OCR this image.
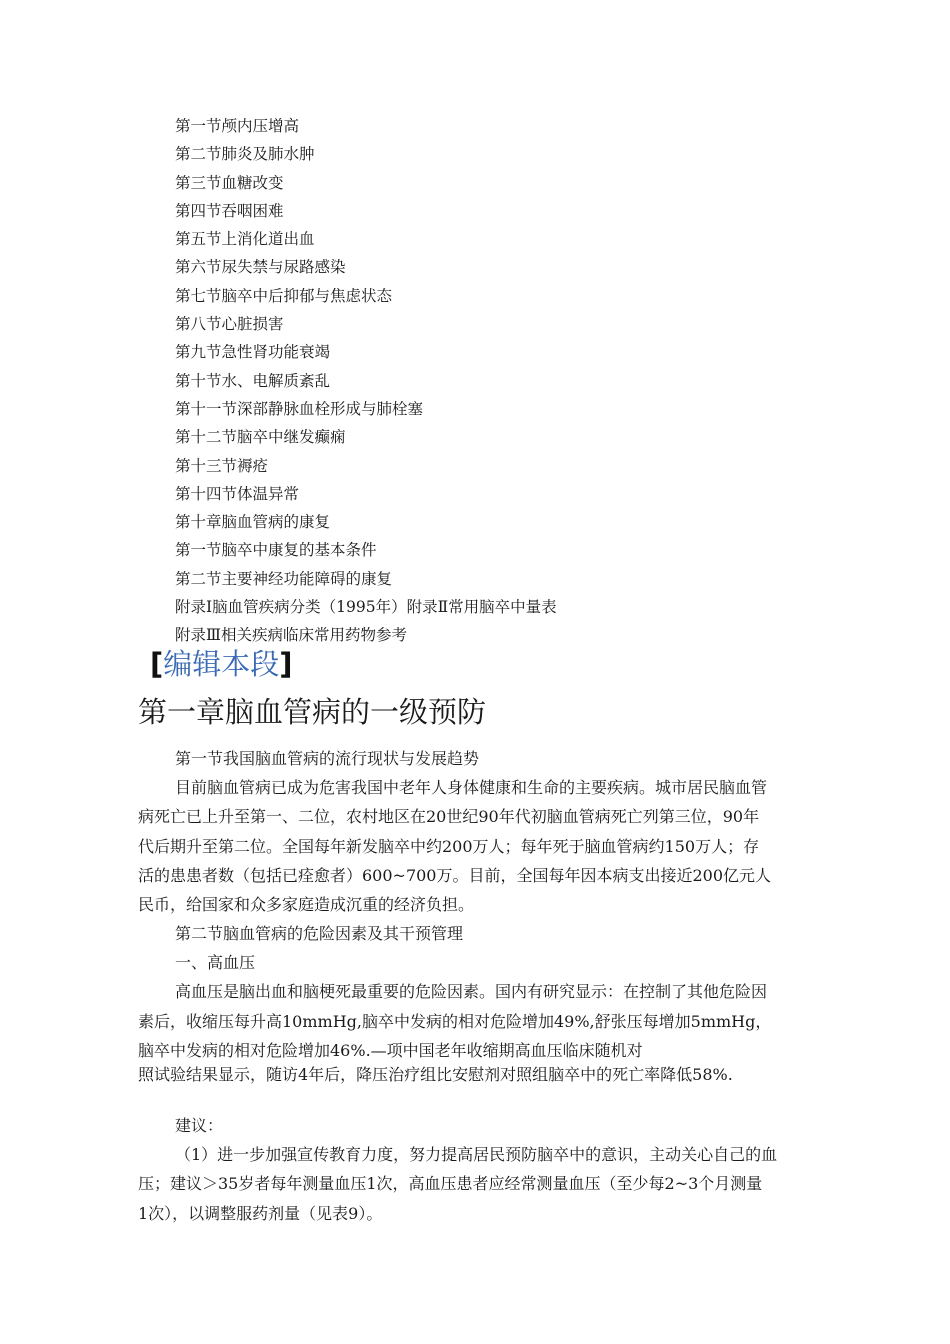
第一节颅内压增高
第二节肺炎及肺水肿
第三节血糖改变
第四节吞咽困难
第五节上消化道出血
第六节尿失禁与尿路感染
第七节脑卒中后抑郁与焦虑状态
第八节心脏损害
第九节急性肾功能衰竭
第十节水、电解质紊乱
第十一节深部静脉血栓形成与肺栓塞
第十二节脑卒中继发癫痫
第十三节褥疮
第十四节体温异常
第十章脑血管病的康复
第一节脑卒中康复的基本条件
第二节主要神经功能障碍的康复
附录Ⅰ脑血管疾病分类（1995年）附录Ⅱ常用脑卒中量表
附录Ⅲ相关疾病临床常用药物参考
[编辑本段]
第一章脑血管病的一级预防
第一节我国脑血管病的流行现状与发展趋势
目前脑血管病已成为危害我国中老年人身体健康和生命的主要疾病。城市居民脑血管
病死亡已上升至第一、二位，农村地区在20世纪90年代初脑血管病死亡列第三位，90年
代后期升至第二位。全国每年新发脑卒中约200万人；每年死于脑血管病约150万人；存
活的患患者数（包括已痊愈者）600~700万。目前，全国每年因本病支出接近200亿元人
民币，给国家和众多家庭造成沉重的经济负担。
第二节脑血管病的危险因素及其干预管理
一、高血压
高血压是脑出血和脑梗死最重要的危险因素。国内有研究显示：在控制了其他危险因
素后，收缩压每升高10mmHg,脑卒中发病的相对危险增加49%,舒张压每增加5mmHg，
脑卒中发病的相对危险增加46%.—项中国老年收缩期高血压临床随机对
照试验结果显示，随访4年后，降压治疗组比安慰剂对照组脑卒中的死亡率降低58%.
建议：
（1）进一步加强宣传教育力度，努力提高居民预防脑卒中的意识，主动关心自己的血
压；建议＞35岁者每年测量血压1次，高血压患者应经常测量血压（至少每2~3个月测量
1次），以调整服药剂量（见表9）。
